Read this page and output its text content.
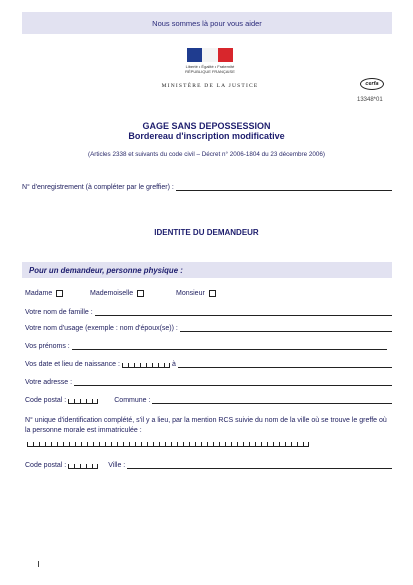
Nous sommes là pour vous aider
Liberté • Égalité • Fraternité
RÉPUBLIQUE FRANÇAISE
MINISTÈRE DE LA JUSTICE	cerfa
13348*01
GAGE SANS DEPOSSESSION
Bordereau d'inscription modificative
(Articles 2338 et suivants du code civil – Décret n° 2006-1804 du 23 décembre 2006)
N° d'enregistrement (à compléter par le greffier) :
IDENTITE DU DEMANDEUR
Pour un demandeur, personne physique :
Madame	Mademoiselle	Monsieur
Votre nom de famille :
Votre nom d'usage (exemple : nom d'époux(se)) :
Vos prénoms :
Vos date et lieu de naissance :	à
Votre adresse :
Code postal :	Commune :
N° unique d'identification complété, s'il y a lieu, par la mention RCS suivie du nom de la ville où se trouve le greffe où la personne morale est immatriculée :
Code postal :	Ville :
